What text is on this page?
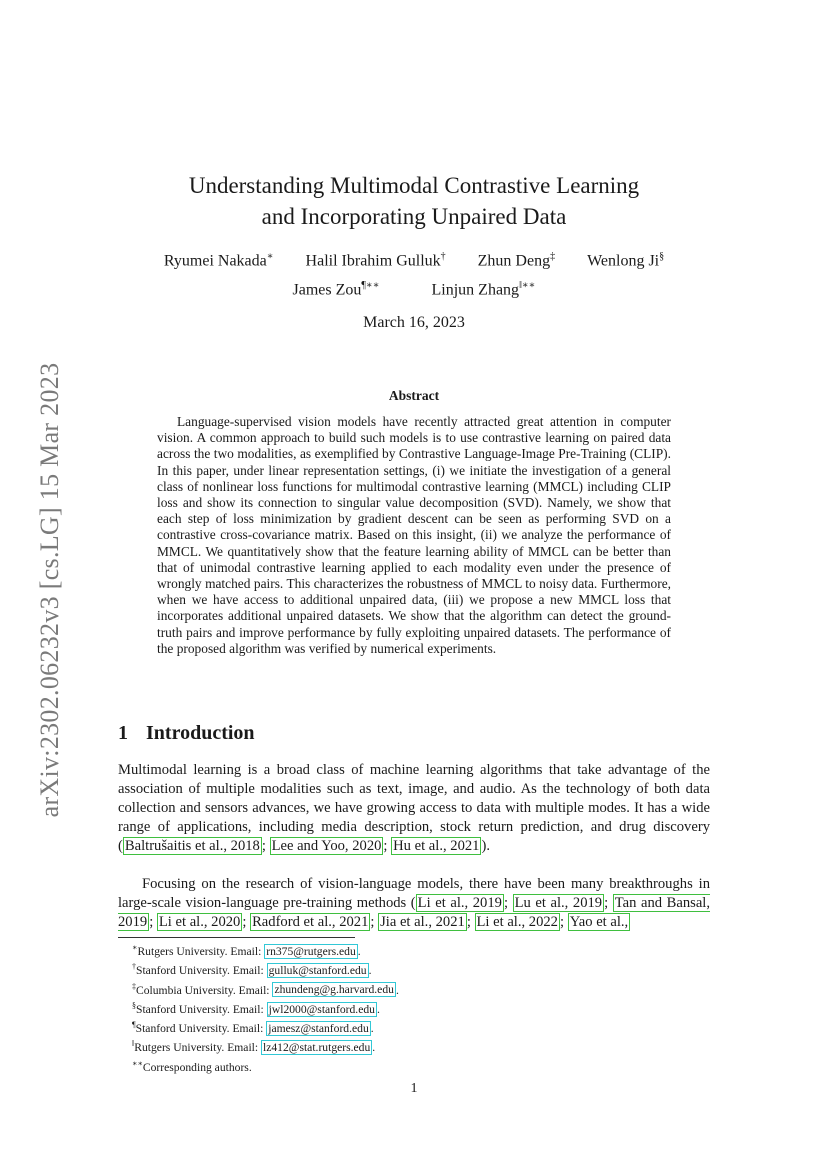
arXiv:2302.06232v3 [cs.LG] 15 Mar 2023
Understanding Multimodal Contrastive Learning
and Incorporating Unpaired Data
Ryumei Nakada∗ Halil Ibrahim Gulluk† Zhun Deng‡ Wenlong Ji§
James Zou¶∗∗	Linjun Zhang‖∗∗
March 16, 2023
Abstract

Language-supervised vision models have recently attracted great attention in computer vision. A common approach to build such models is to use contrastive learning on paired data across the two modalities, as exemplified by Contrastive Language-Image Pre-Training (CLIP). In this paper, under linear representation settings, (i) we initiate the investigation of a general class of nonlinear loss functions for multimodal contrastive learning (MMCL) including CLIP loss and show its connection to singular value decomposition (SVD). Namely, we show that each step of loss minimization by gradient descent can be seen as performing SVD on a contrastive cross-covariance matrix. Based on this insight, (ii) we analyze the performance of MMCL. We quantitatively show that the feature learning ability of MMCL can be better than that of unimodal contrastive learning applied to each modality even under the presence of wrongly matched pairs. This characterizes the robustness of MMCL to noisy data. Furthermore, when we have access to additional unpaired data, (iii) we propose a new MMCL loss that incorporates additional unpaired datasets. We show that the algorithm can detect the ground-truth pairs and improve performance by fully exploiting unpaired datasets. The performance of the proposed algorithm was verified by numerical experiments.

1 Introduction

Multimodal learning is a broad class of machine learning algorithms that take advantage of the association of multiple modalities such as text, image, and audio. As the technology of both data collection and sensors advances, we have growing access to data with multiple modes. It has a wide range of applications, including media description, stock return prediction, and drug discovery ( Baltrušaitis et al., 2018 ; Lee and Yoo, 2020 ; Hu et al., 2021 ).

Focusing on the research of vision-language models, there have been many breakthroughs in large-scale vision-language pre-training methods ( Li et al., 2019 ; Lu et al., 2019 ; Tan and Bansal, 2019 ; Li et al., 2020 ; Radford et al., 2021 ; Jia et al., 2021 ; Li et al., 2022 ; Yao et al.,

∗Rutgers University. Email: rn375@rutgers.edu .
†Stanford University. Email: gulluk@stanford.edu .
‡Columbia University. Email: zhundeng@g.harvard.edu .
§Stanford University. Email: jwl2000@stanford.edu .
¶Stanford University. Email: jamesz@stanford.edu .
‖Rutgers University. Email: lz412@stat.rutgers.edu .
∗∗Corresponding authors.
1
